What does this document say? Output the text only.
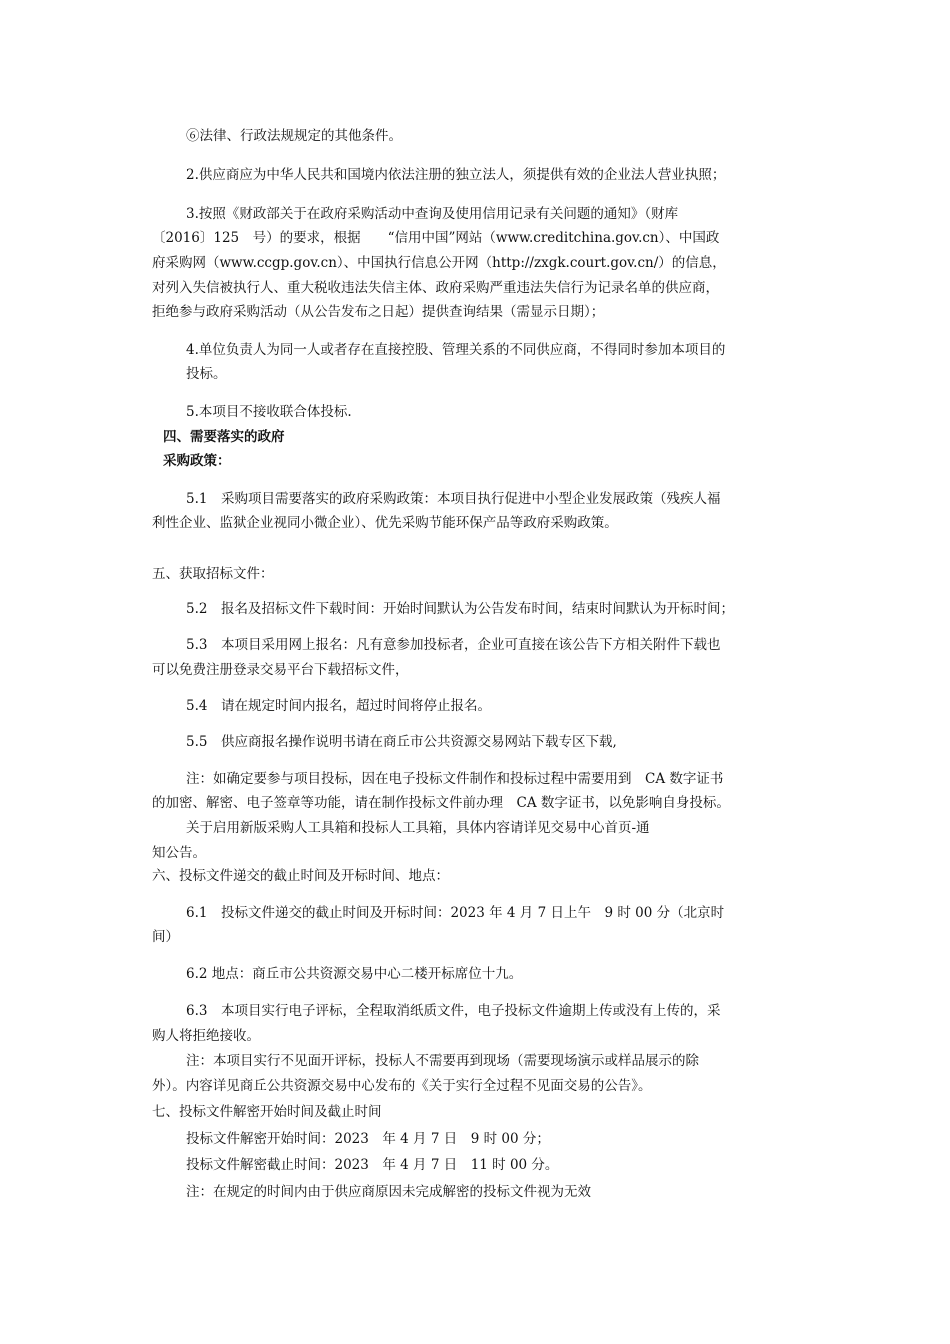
⑥法律、行政法规规定的其他条件。
2.供应商应为中华人民共和国境内依法注册的独立法人，须提供有效的企业法人营业执照；
3.按照《财政部关于在政府采购活动中查询及使用信用记录有关问题的通知》（财库
〔2016〕125　号）的要求，根据　　“信用中国”网站（www.creditchina.gov.cn）、中国政
府采购网（www.ccgp.gov.cn）、中国执行信息公开网（http://zxgk.court.gov.cn/）的信息，
对列入失信被执行人、重大税收违法失信主体、政府采购严重违法失信行为记录名单的供应商，
拒绝参与政府采购活动（从公告发布之日起）提供查询结果（需显示日期）；
4.单位负责人为同一人或者存在直接控股、管理关系的不同供应商，不得同时参加本项目的
投标。
5.本项目不接收联合体投标.
四、需要落实的政府
采购政策：
5.1　采购项目需要落实的政府采购政策：本项目执行促进中小型企业发展政策（残疾人福
利性企业、监狱企业视同小微企业）、优先采购节能环保产品等政府采购政策。
五、获取招标文件：
5.2　报名及招标文件下载时间：开始时间默认为公告发布时间，结束时间默认为开标时间；
5.3　本项目采用网上报名：凡有意参加投标者，企业可直接在该公告下方相关附件下载也
可以免费注册登录交易平台下载招标文件，
5.4　请在规定时间内报名，超过时间将停止报名。
5.5　供应商报名操作说明书请在商丘市公共资源交易网站下载专区下载,
注：如确定要参与项目投标，因在电子投标文件制作和投标过程中需要用到　CA 数字证书
的加密、解密、电子签章等功能，请在制作投标文件前办理　CA 数字证书，以免影响自身投标。
关于启用新版采购人工具箱和投标人工具箱，具体内容请详见交易中心首页-通
知公告。
六、投标文件递交的截止时间及开标时间、地点：
6.1　投标文件递交的截止时间及开标时间：2023 年 4 月 7 日上午　9 时 00 分（北京时
间）
6.2 地点：商丘市公共资源交易中心二楼开标席位十九。
6.3　本项目实行电子评标，全程取消纸质文件，电子投标文件逾期上传或没有上传的，采
购人将拒绝接收。
注：本项目实行不见面开评标，投标人不需要再到现场（需要现场演示或样品展示的除
外）。内容详见商丘公共资源交易中心发布的《关于实行全过程不见面交易的公告》。
七、投标文件解密开始时间及截止时间
投标文件解密开始时间：2023　年 4 月 7 日　9 时 00 分；
投标文件解密截止时间：2023　年 4 月 7 日　11 时 00 分。
注：在规定的时间内由于供应商原因未完成解密的投标文件视为无效
